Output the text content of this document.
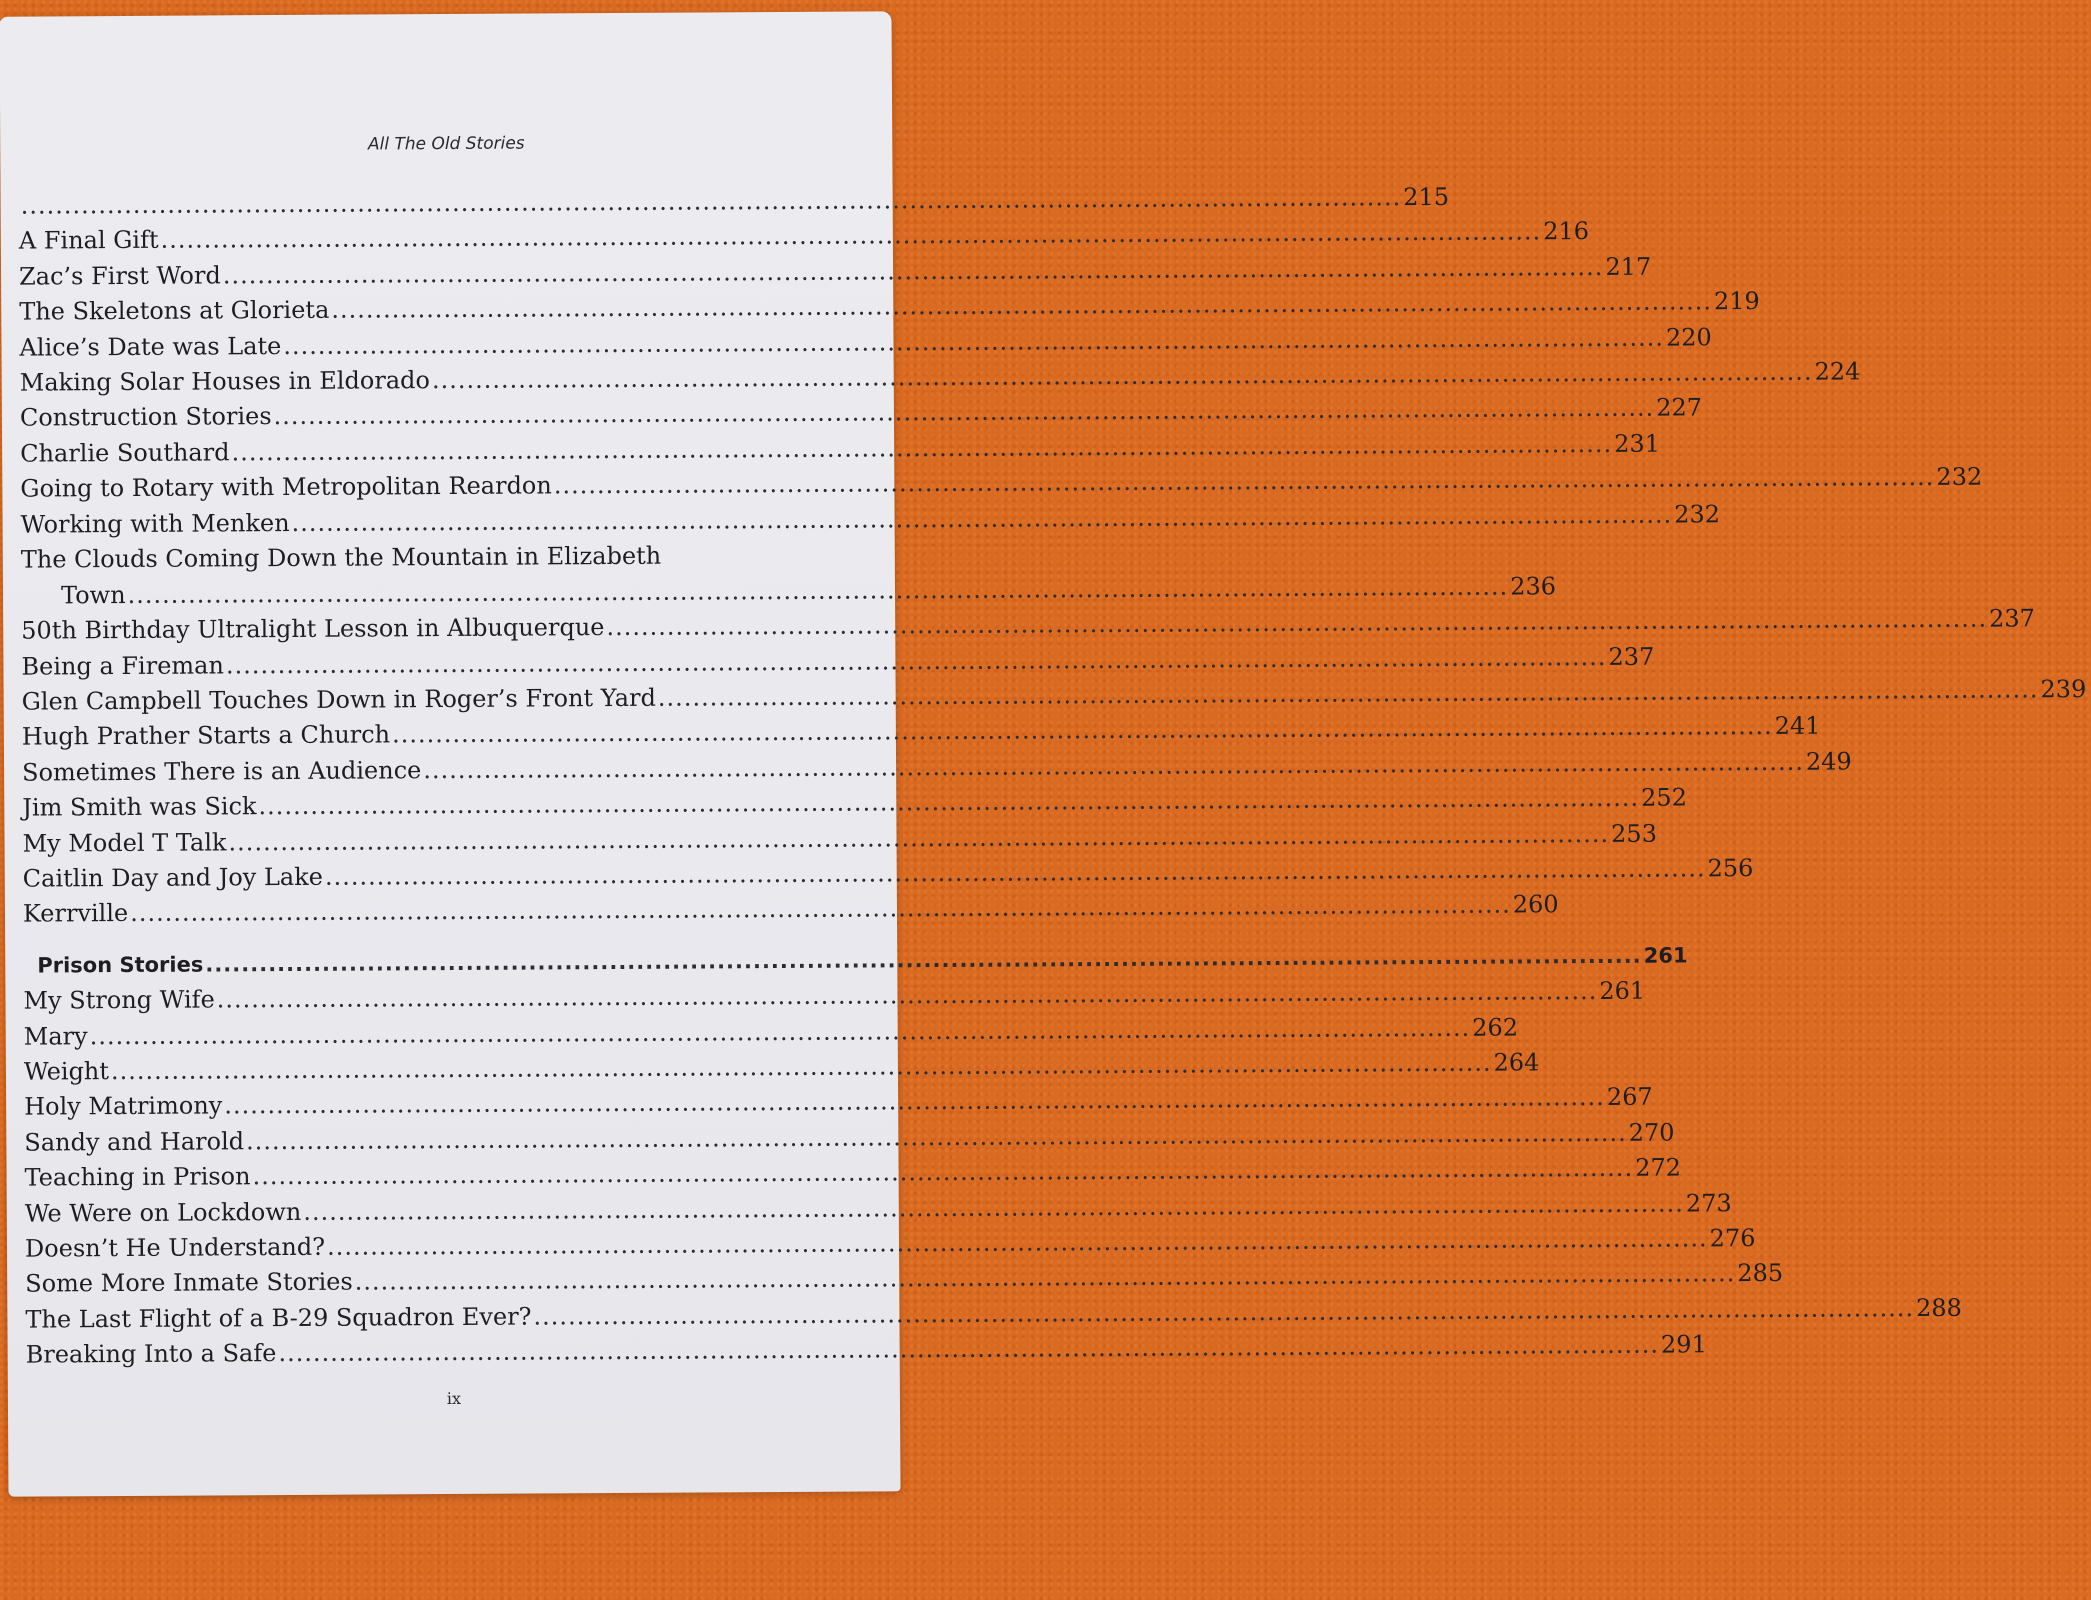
All The Old Stories
................................................................................................................................................................ 215
A Final Gift ................................................................................................................................................................ 216
Zac’s First Word ................................................................................................................................................................ 217
The Skeletons at Glorieta ................................................................................................................................................................ 219
Alice’s Date was Late ................................................................................................................................................................ 220
Making Solar Houses in Eldorado ................................................................................................................................................................ 224
Construction Stories ................................................................................................................................................................ 227
Charlie Southard ................................................................................................................................................................ 231
Going to Rotary with Metropolitan Reardon ................................................................................................................................................................ 232
Working with Menken ................................................................................................................................................................ 232
The Clouds Coming Down the Mountain in Elizabeth
Town ................................................................................................................................................................ 236
50th Birthday Ultralight Lesson in Albuquerque ................................................................................................................................................................ 237
Being a Fireman ................................................................................................................................................................ 237
Glen Campbell Touches Down in Roger’s Front Yard ................................................................................................................................................................ 239
Hugh Prather Starts a Church ................................................................................................................................................................ 241
Sometimes There is an Audience ................................................................................................................................................................ 249
Jim Smith was Sick ................................................................................................................................................................ 252
My Model T Talk ................................................................................................................................................................ 253
Caitlin Day and Joy Lake ................................................................................................................................................................ 256
Kerrville ................................................................................................................................................................ 260
Prison Stories ................................................................................................................................................................ 261
My Strong Wife ................................................................................................................................................................ 261
Mary ................................................................................................................................................................ 262
Weight ................................................................................................................................................................ 264
Holy Matrimony ................................................................................................................................................................ 267
Sandy and Harold ................................................................................................................................................................ 270
Teaching in Prison ................................................................................................................................................................ 272
We Were on Lockdown ................................................................................................................................................................ 273
Doesn’t He Understand? ................................................................................................................................................................ 276
Some More Inmate Stories ................................................................................................................................................................ 285
The Last Flight of a B-29 Squadron Ever? ................................................................................................................................................................ 288
Breaking Into a Safe ................................................................................................................................................................ 291
ix
